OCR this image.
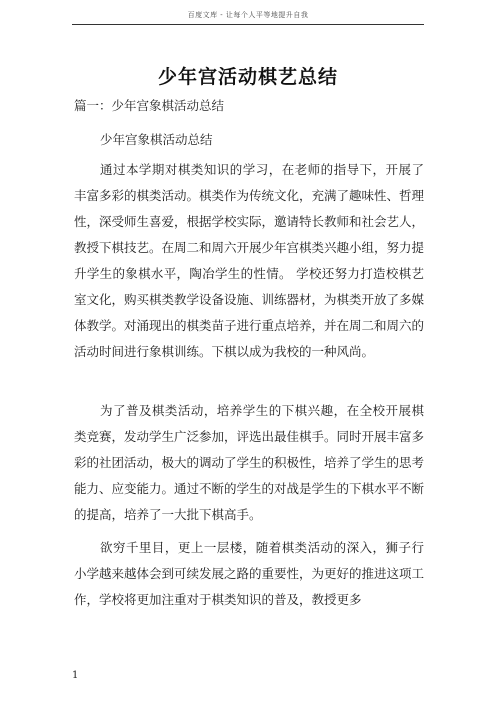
百度文库 - 让每个人平等地提升自我
少年宫活动棋艺总结
篇一：少年宫象棋活动总结
少年宫象棋活动总结

通过本学期对棋类知识的学习，在老师的指导下，开展了丰富多彩的棋类活动。棋类作为传统文化，充满了趣味性、哲理性，深受师生喜爱，根据学校实际，邀请特长教师和社会艺人，教授下棋技艺。在周二和周六开展少年宫棋类兴趣小组，努力提升学生的象棋水平，陶冶学生的性情。 学校还努力打造校棋艺室文化，购买棋类教学设备设施、训练器材，为棋类开放了多媒体教学。对涌现出的棋类苗子进行重点培养，并在周二和周六的活动时间进行象棋训练。下棋以成为我校的一种风尚。

为了普及棋类活动，培养学生的下棋兴趣，在全校开展棋类竞赛，发动学生广泛参加，评选出最佳棋手。同时开展丰富多彩的社团活动，极大的调动了学生的积极性，培养了学生的思考能力、应变能力。通过不断的学生的对战是学生的下棋水平不断的提高，培养了一大批下棋高手。

欲穷千里目，更上一层楼，随着棋类活动的深入，狮子行小学越来越体会到可续发展之路的重要性，为更好的推进这项工作，学校将更加注重对于棋类知识的普及，教授更多

1
